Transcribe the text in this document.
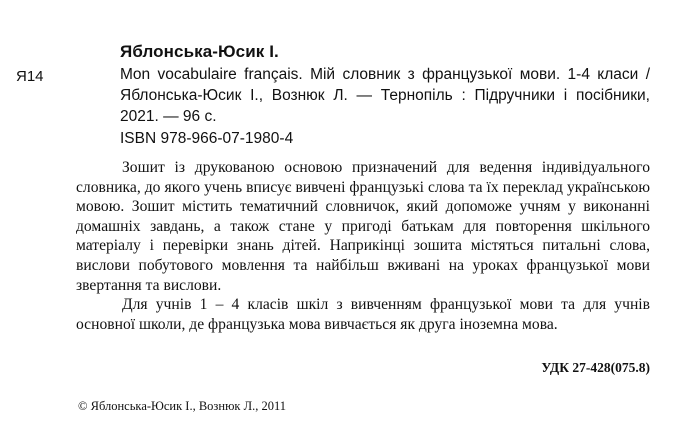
Яблонська-Юсик І.
Я14	Mon vocabulaire français. Мій словник з французької мови. 1-4 класи / Яблонська-Юсик І., Вознюк Л. — Тернопіль : Підручники і посібники, 2021. — 96 с.
ISBN 978-966-07-1980-4

Зошит із друкованою основою призначений для ведення індивідуального словника, до якого учень вписує вивчені французькі слова та їх переклад українською мовою. Зошит містить тематичний словничок, який допоможе учням у виконанні домашніх завдань, а також стане у пригоді батькам для повторення шкільного матеріалу і перевірки знань дітей. Наприкінці зошита містяться питальні слова, вислови побутового мовлення та найбільш вживані на уроках французької мови звертання та вислови.

Для учнів 1 – 4 класів шкіл з вивченням французької мови та для учнів основної школи, де французька мова вивчається як друга іноземна мова.

УДК 27-428(075.8)
© Яблонська-Юсик І., Вознюк Л., 2011
